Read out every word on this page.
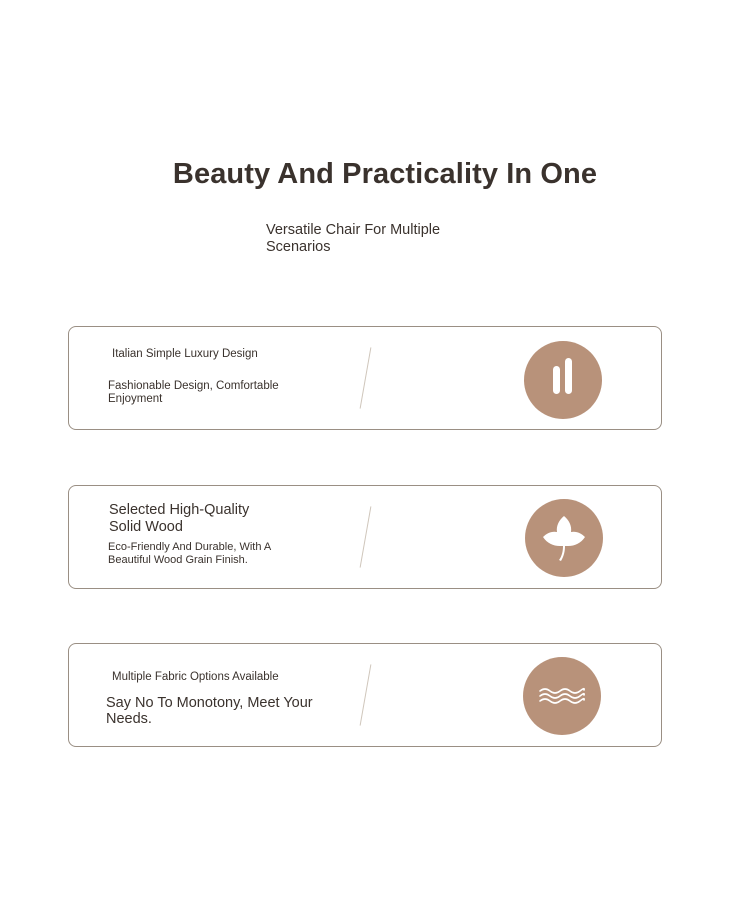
Beauty And Practicality In One
Versatile Chair For Multiple Scenarios
Italian Simple Luxury Design
Fashionable Design, Comfortable Enjoyment
Selected High-Quality Solid Wood
Eco-Friendly And Durable, With A Beautiful Wood Grain Finish.
Multiple Fabric Options Available
Say No To Monotony, Meet Your Needs.
